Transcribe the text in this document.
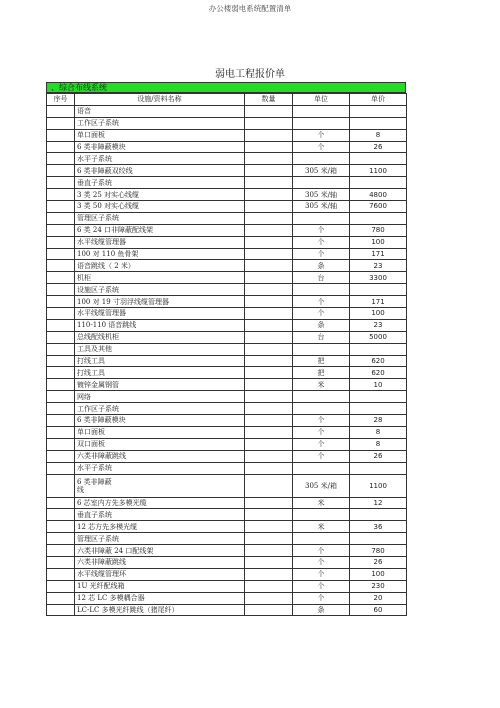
办公楼弱电系统配置清单
弱电工程报价单
、综合布线系统
序号	设施/资料名称	数量	单位	单价
	语音			
	工作区子系统			
	单口面板		个	8
	6 类非障蔽模块		个	26
	水平子系统			
	6 类非障蔽双绞线		305 米/箱	1100
	垂直子系统			
	3 类 25 对实心线缆		305 米/轴	4800
	3 类 50 对实心线缆		305 米/轴	7600
	管理区子系统			
	6 类 24 口非障蔽配线架		个	780
	水平线缆管理器		个	100
	100 对 110 鱼骨架		个	171
	语音跳线（ 2 米）		条	23
	机柜		台	3300
	设施区子系统			
	100 对 19 寸羽浮线缆管理器		个	171
	水平线缆管理器		个	100
	110-110 语音跳线		条	23
	总线配线机柜		台	5000
	工具及其他			
	打线工具		把	620
	打线工具		把	620
	镀锌金属钢管		米	10
	网络			
	工作区子系统			
	6 类非障蔽模块		个	28
	单口面板		个	8
	双口面板		个	8
	六类非障蔽跳线		个	26
	水平子系统			

	6 类非障蔽
线		305 米/箱	1100
	6 芯室内方先多模光缆		米	12
	垂直子系统			
	12 芯方先多模光缆		米	36
	管理区子系统			
	六类非障蔽 24 口配线架		个	780
	六类非障蔽跳线		个	26
	水平线缆管理环		个	100
	1U 光纤配线箱		个	230
	12 芯 LC 多模耦合器		个	20
	LC-LC 多模光纤跳线（猪尾纤）		条	60
